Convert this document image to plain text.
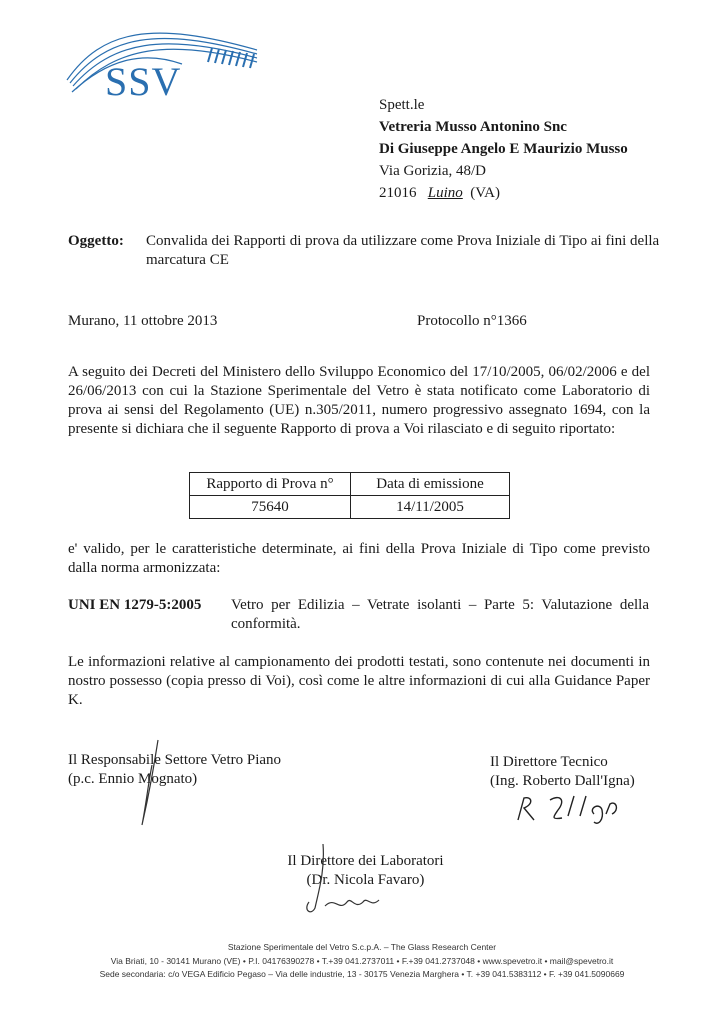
SSV
Spett.le
Vetreria Musso Antonino Snc
Di Giuseppe Angelo E Maurizio Musso
Via Gorizia, 48/D
21016 Luino (VA)
Oggetto: Convalida dei Rapporti di prova da utilizzare come Prova Iniziale di Tipo ai fini della marcatura CE
Murano, 11 ottobre 2013	Protocollo n°1366
A seguito dei Decreti del Ministero dello Sviluppo Economico del 17/10/2005, 06/02/2006 e del 26/06/2013 con cui la Stazione Sperimentale del Vetro è stata notificato come Laboratorio di prova ai sensi del Regolamento (UE) n.305/2011, numero progressivo assegnato 1694, con la presente si dichiara che il seguente Rapporto di prova a Voi rilasciato e di seguito riportato:
Rapporto di Prova n°	Data di emissione
75640	14/11/2005
e' valido, per le caratteristiche determinate, ai fini della Prova Iniziale di Tipo come previsto dalla norma armonizzata:
UNI EN 1279-5:2005 Vetro per Edilizia – Vetrate isolanti – Parte 5: Valutazione della conformità.
Le informazioni relative al campionamento dei prodotti testati, sono contenute nei documenti in nostro possesso (copia presso di Voi), così come le altre informazioni di cui alla Guidance Paper K.
Il Responsabile Settore Vetro Piano
(p.c. Ennio Mognato)
Il Direttore Tecnico
(Ing. Roberto Dall'Igna)
Il Direttore dei Laboratori
(Dr. Nicola Favaro)
Stazione Sperimentale del Vetro S.c.p.A. – The Glass Research Center
Via Briati, 10 - 30141 Murano (VE) • P.I. 04176390278 • T.+39 041.2737011 • F.+39 041.2737048 • www.spevetro.it • mail@spevetro.it
Sede secondaria: c/o VEGA Edificio Pegaso – Via delle industrie, 13 - 30175 Venezia Marghera • T. +39 041.5383112 • F. +39 041.5090669
